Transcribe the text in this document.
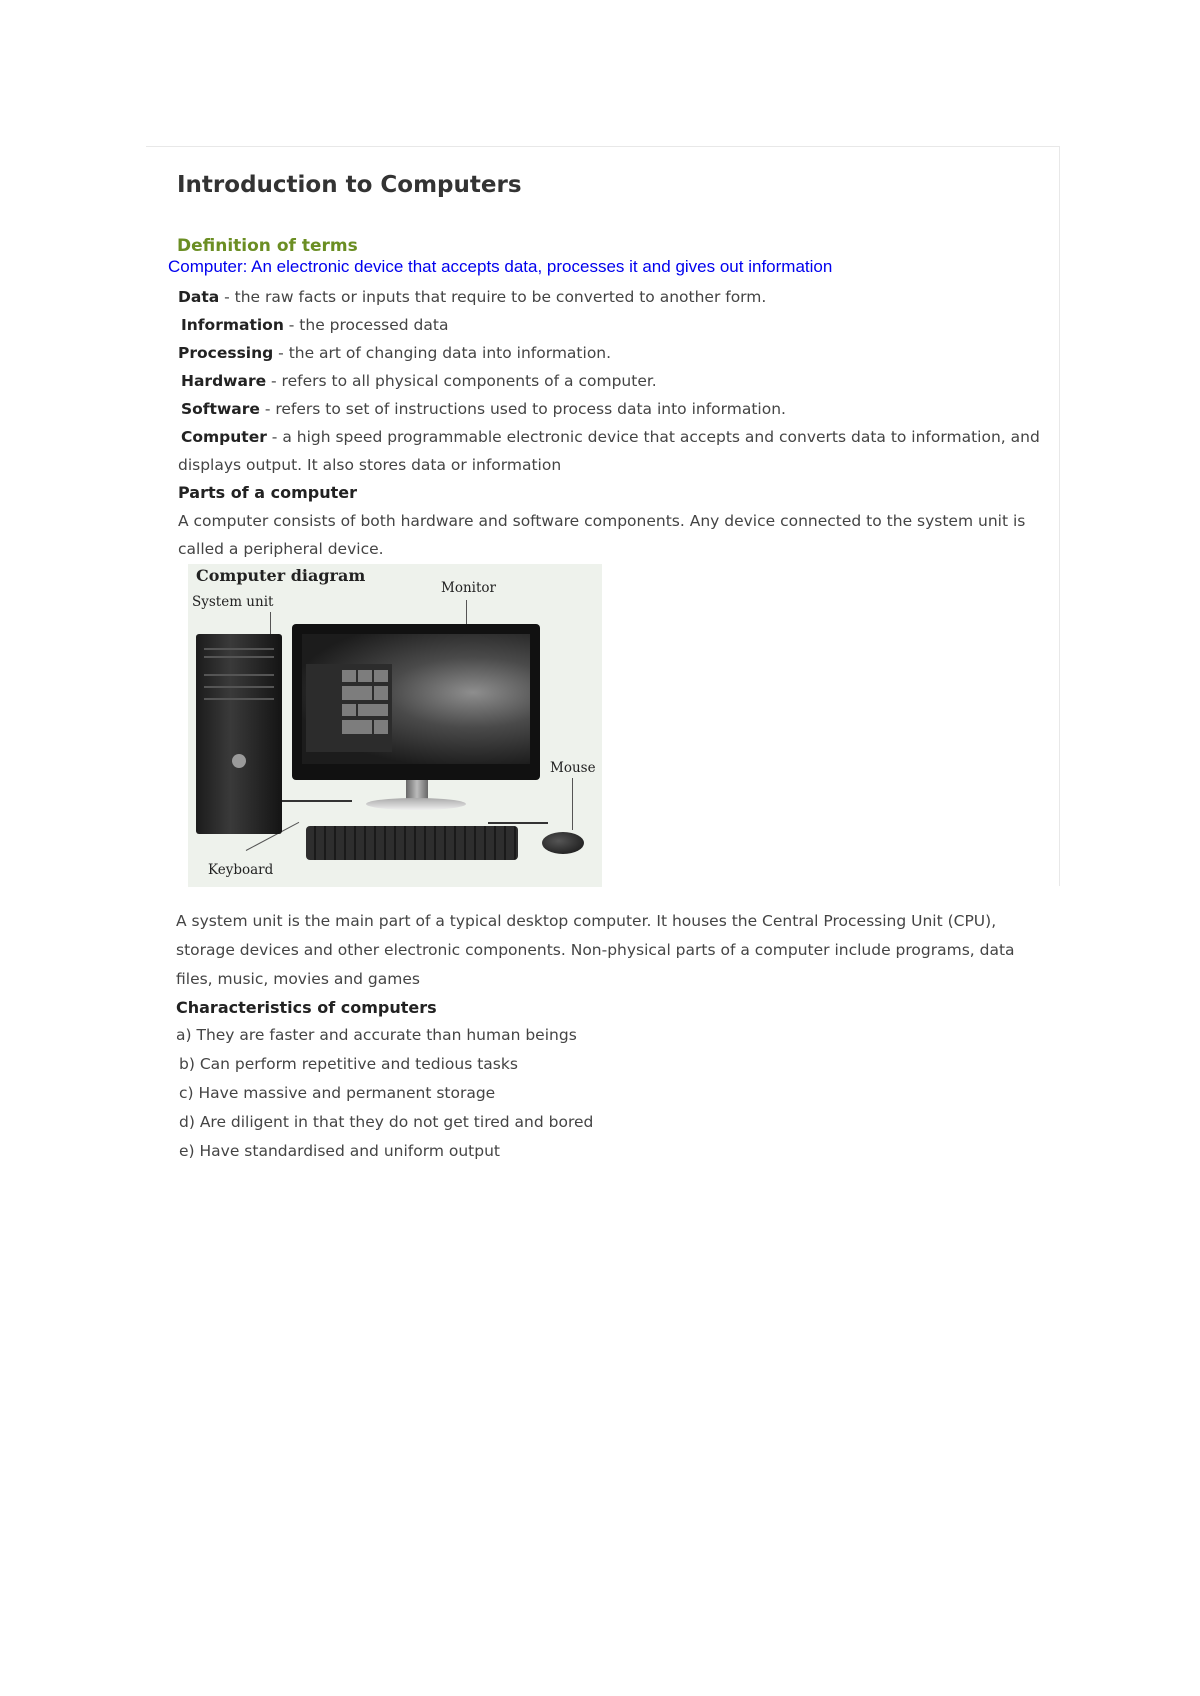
Introduction to Computers
Definition of terms
Computer: An electronic device that accepts data, processes it and gives out information
Data - the raw facts or inputs that require to be converted to another form.
Information - the processed data
Processing - the art of changing data into information.
Hardware - refers to all physical components of a computer.
Software - refers to set of instructions used to process data into information.
Computer - a high speed programmable electronic device that accepts and converts data to information, and
displays output. It also stores data or information
Parts of a computer
A computer consists of both hardware and software components. Any device connected to the system unit is
called a peripheral device.
Computer diagram
System unit
Monitor
Mouse
Keyboard
A system unit is the main part of a typical desktop computer. It houses the Central Processing Unit (CPU),
storage devices and other electronic components. Non-physical parts of a computer include programs, data
files, music, movies and games
Characteristics of computers
a) They are faster and accurate than human beings
b) Can perform repetitive and tedious tasks
c) Have massive and permanent storage
d) Are diligent in that they do not get tired and bored
e) Have standardised and uniform output
